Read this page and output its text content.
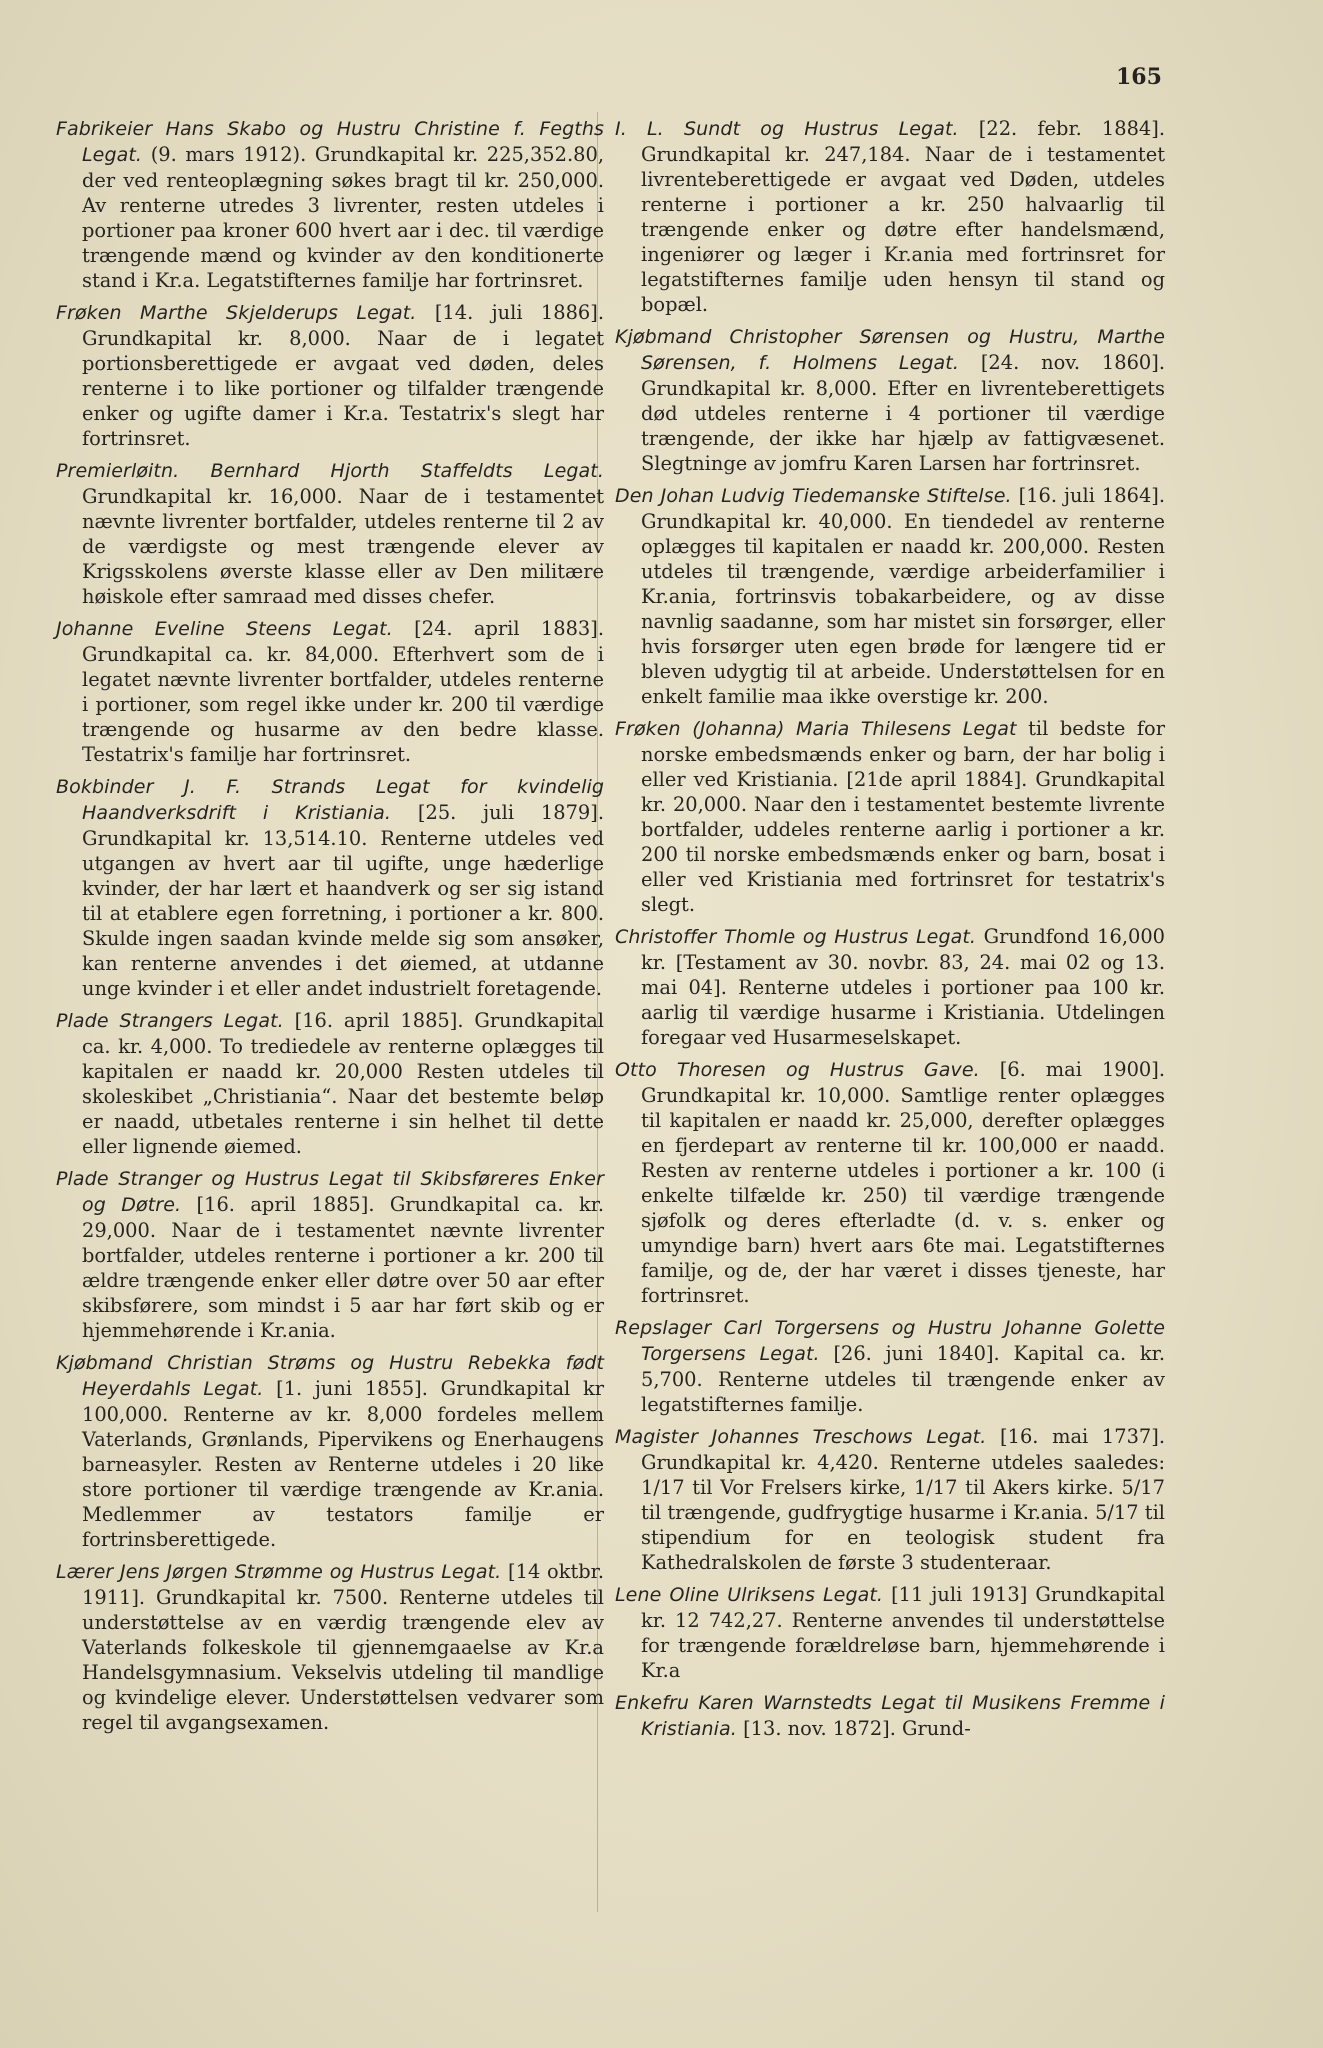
165

Fabrikeier Hans Skabo og Hustru Christine f. Fegths Legat. (9. mars 1912). Grundkapital kr. 225,352.80, der ved renteoplægning søkes bragt til kr. 250,000. Av renterne utredes 3 livrenter, resten utdeles i portioner paa kroner 600 hvert aar i dec. til værdige trængende mænd og kvinder av den konditionerte stand i Kr.a. Legatstifternes familje har fortrinsret.

Frøken Marthe Skjelderups Legat. [14. juli 1886]. Grundkapital kr. 8,000. Naar de i legatet portionsberettigede er avgaat ved døden, deles renterne i to like portioner og tilfalder trængende enker og ugifte damer i Kr.a. Testatrix's slegt har fortrinsret.

Premierløitn. Bernhard Hjorth Staffeldts Legat. Grundkapital kr. 16,000. Naar de i testamentet nævnte livrenter bortfalder, utdeles renterne til 2 av de værdigste og mest trængende elever av Krigsskolens øverste klasse eller av Den militære høiskole efter samraad med disses chefer.

Johanne Eveline Steens Legat. [24. april 1883]. Grundkapital ca. kr. 84,000. Efterhvert som de i legatet nævnte livrenter bortfalder, utdeles renterne i portioner, som regel ikke under kr. 200 til værdige trængende og husarme av den bedre klasse. Testatrix's familje har fortrinsret.

Bokbinder J. F. Strands Legat for kvindelig Haandverksdrift i Kristiania. [25. juli 1879]. Grundkapital kr. 13,514.10. Renterne utdeles ved utgangen av hvert aar til ugifte, unge hæderlige kvinder, der har lært et haandverk og ser sig istand til at etablere egen forretning, i portioner a kr. 800. Skulde ingen saadan kvinde melde sig som ansøker, kan renterne anvendes i det øiemed, at utdanne unge kvinder i et eller andet industrielt foretagende.

Plade Strangers Legat. [16. april 1885]. Grundkapital ca. kr. 4,000. To trediedele av renterne oplægges til kapitalen er naadd kr. 20,000 Resten utdeles til skoleskibet „Christiania“. Naar det bestemte beløp er naadd, utbetales renterne i sin helhet til dette eller lignende øiemed.

Plade Stranger og Hustrus Legat til Skibsføreres Enker og Døtre. [16. april 1885]. Grundkapital ca. kr. 29,000. Naar de i testamentet nævnte livrenter bortfalder, utdeles renterne i portioner a kr. 200 til ældre trængende enker eller døtre over 50 aar efter skibsførere, som mindst i 5 aar har ført skib og er hjemmehørende i Kr.ania.

Kjøbmand Christian Strøms og Hustru Rebekka født Heyerdahls Legat. [1. juni 1855]. Grundkapital kr 100,000. Renterne av kr. 8,000 fordeles mellem Vaterlands, Grønlands, Pipervikens og Enerhaugens barneasyler. Resten av Renterne utdeles i 20 like store portioner til værdige trængende av Kr.ania. Medlemmer av testators familje er fortrinsberettigede.

Lærer Jens Jørgen Strømme og Hustrus Legat. [14 oktbr. 1911]. Grundkapital kr. 7500. Renterne utdeles til understøttelse av en værdig trængende elev av Vaterlands folkeskole til gjennemgaaelse av Kr.a Handelsgymnasium. Vekselvis utdeling til mandlige og kvindelige elever. Understøttelsen vedvarer som regel til avgangsexamen.

I. L. Sundt og Hustrus Legat. [22. febr. 1884]. Grundkapital kr. 247,184. Naar de i testamentet livrenteberettigede er avgaat ved Døden, utdeles renterne i portioner a kr. 250 halvaarlig til trængende enker og døtre efter handelsmænd, ingeniører og læger i Kr.ania med fortrinsret for legatstifternes familje uden hensyn til stand og bopæl.

Kjøbmand Christopher Sørensen og Hustru, Marthe Sørensen, f. Holmens Legat. [24. nov. 1860]. Grundkapital kr. 8,000. Efter en livrenteberettigets død utdeles renterne i 4 portioner til værdige trængende, der ikke har hjælp av fattigvæsenet. Slegtninge av jomfru Karen Larsen har fortrinsret.

Den Johan Ludvig Tiedemanske Stiftelse. [16. juli 1864]. Grundkapital kr. 40,000. En tiendedel av renterne oplægges til kapitalen er naadd kr. 200,000. Resten utdeles til trængende, værdige arbeiderfamilier i Kr.ania, fortrinsvis tobakarbeidere, og av disse navnlig saadanne, som har mistet sin forsørger, eller hvis forsørger uten egen brøde for længere tid er bleven udygtig til at arbeide. Understøttelsen for en enkelt familie maa ikke overstige kr. 200.

Frøken (Johanna) Maria Thilesens Legat til bedste for norske embedsmænds enker og barn, der har bolig i eller ved Kristiania. [21de april 1884]. Grundkapital kr. 20,000. Naar den i testamentet bestemte livrente bortfalder, uddeles renterne aarlig i portioner a kr. 200 til norske embedsmænds enker og barn, bosat i eller ved Kristiania med fortrinsret for testatrix's slegt.

Christoffer Thomle og Hustrus Legat. Grundfond 16,000 kr. [Testament av 30. novbr. 83, 24. mai 02 og 13. mai 04]. Renterne utdeles i portioner paa 100 kr. aarlig til værdige husarme i Kristiania. Utdelingen foregaar ved Husarmeselskapet.

Otto Thoresen og Hustrus Gave. [6. mai 1900]. Grundkapital kr. 10,000. Samtlige renter oplægges til kapitalen er naadd kr. 25,000, derefter oplægges en fjerdepart av renterne til kr. 100,000 er naadd. Resten av renterne utdeles i portioner a kr. 100 (i enkelte tilfælde kr. 250) til værdige trængende sjøfolk og deres efterladte (d. v. s. enker og umyndige barn) hvert aars 6te mai. Legatstifternes familje, og de, der har været i disses tjeneste, har fortrinsret.

Repslager Carl Torgersens og Hustru Johanne Golette Torgersens Legat. [26. juni 1840]. Kapital ca. kr. 5,700. Renterne utdeles til trængende enker av legatstifternes familje.

Magister Johannes Treschows Legat. [16. mai 1737]. Grundkapital kr. 4,420. Renterne utdeles saaledes: 1/17 til Vor Frelsers kirke, 1/17 til Akers kirke. 5/17 til trængende, gudfrygtige husarme i Kr.ania. 5/17 til stipendium for en teologisk student fra Kathedralskolen de første 3 studenteraar.

Lene Oline Ulriksens Legat. [11 juli 1913] Grundkapital kr. 12 742,27. Renterne anvendes til understøttelse for trængende forældreløse barn, hjemmehørende i Kr.a

Enkefru Karen Warnstedts Legat til Musikens Fremme i Kristiania. [13. nov. 1872]. Grund-
